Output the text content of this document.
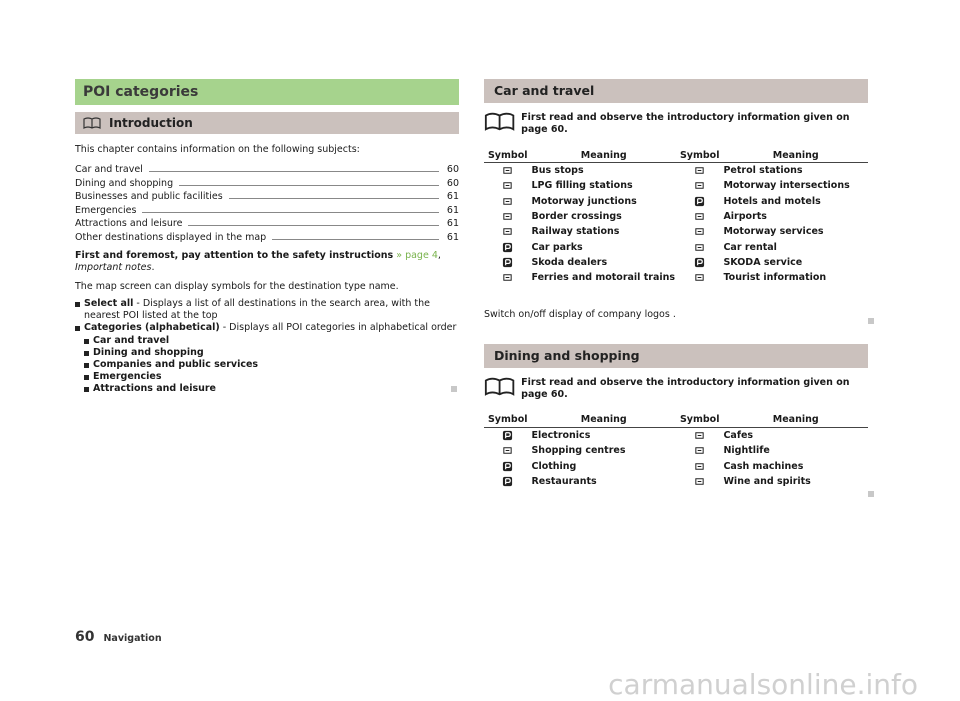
POI categories
Introduction
This chapter contains information on the following subjects:
Car and travel	60
Dining and shopping	60
Businesses and public facilities	61
Emergencies	61
Attractions and leisure	61
Other destinations displayed in the map	61
First and foremost, pay attention to the safety instructions » page 4, Important notes.
The map screen can display symbols for the destination type name.
Select all - Displays a list of all destinations in the search area, with the nearest POI listed at the top
Categories (alphabetical) - Displays all POI categories in alphabetical order
Car and travel
Dining and shopping
Companies and public services
Emergencies
Attractions and leisure
Car and travel
First read and observe the introductory information given on page 60.
Symbol	Meaning	Symbol	Meaning
	Bus stops		Petrol stations
	LPG filling stations		Motorway intersections
	Motorway junctions		Hotels and motels
	Border crossings		Airports
	Railway stations		Motorway services
	Car parks		Car rental
	Skoda dealers		SKODA service
	Ferries and motorail trains		Tourist information
Switch on/off display of company logos .
Dining and shopping
First read and observe the introductory information given on page 60.
Symbol	Meaning	Symbol	Meaning
	Electronics		Cafes
	Shopping centres		Nightlife
	Clothing		Cash machines
	Restaurants		Wine and spirits
60 Navigation
carmanualsonline.info
